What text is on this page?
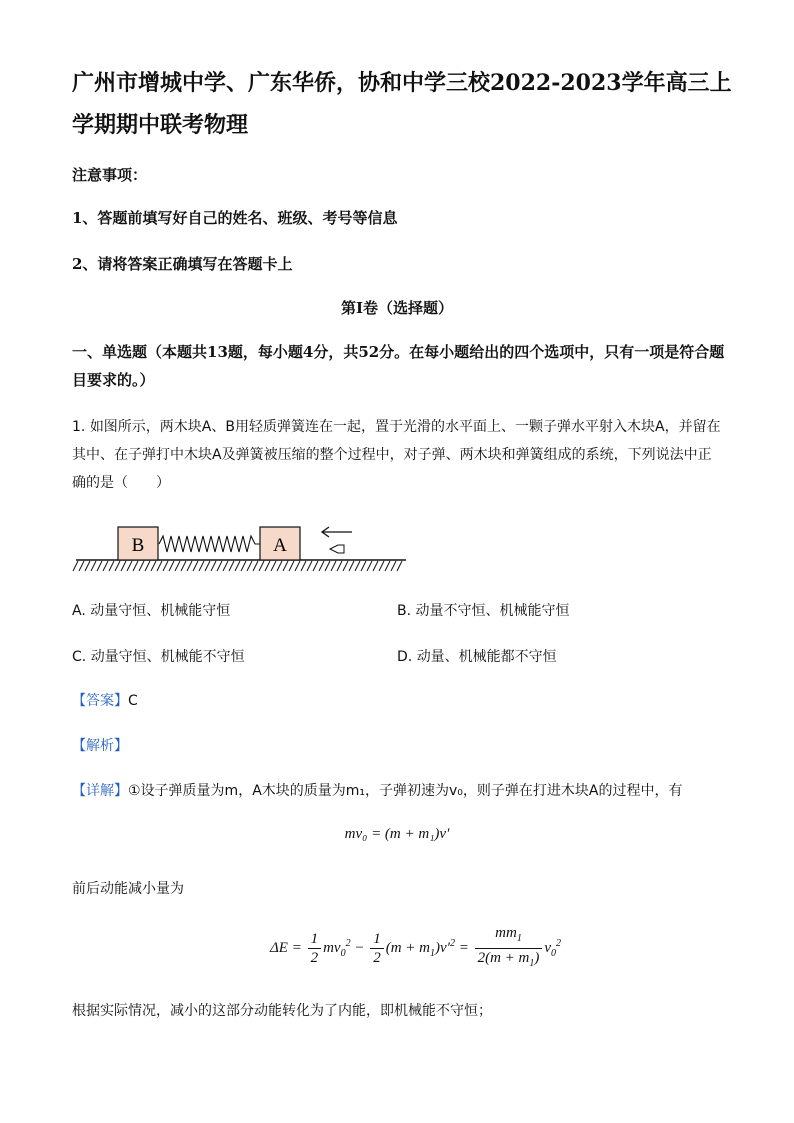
广州市增城中学、广东华侨，协和中学三校2022-2023学年高三上学期期中联考物理
注意事项：
1、答题前填写好自己的姓名、班级、考号等信息
2、请将答案正确填写在答题卡上
第I卷（选择题）
一、单选题（本题共13题，每小题4分，共52分。在每小题给出的四个选项中，只有一项是符合题目要求的。）
1. 如图所示，两木块A、B用轻质弹簧连在一起，置于光滑的水平面上、一颗子弹水平射入木块A，并留在其中、在子弹打中木块A及弹簧被压缩的整个过程中，对子弹、两木块和弹簧组成的系统，下列说法中正确的是（　　）
B	A
A. 动量守恒、机械能守恒	B. 动量不守恒、机械能守恒
C. 动量守恒、机械能不守恒	D. 动量、机械能都不守恒
【答案】C
【解析】
【详解】①设子弹质量为m，A木块的质量为m₁，子弹初速为v₀，则子弹在打进木块A的过程中，有
mv₀ = (m + m₁)v′
前后动能减小量为
$\Delta E = \frac{1}{2} mv_0^2 - \frac{1}{2} (m + m_1)v'^2 = \frac{mm_1}{2(m + m_1)} v_0^2$
根据实际情况，减小的这部分动能转化为了内能，即机械能不守恒；
